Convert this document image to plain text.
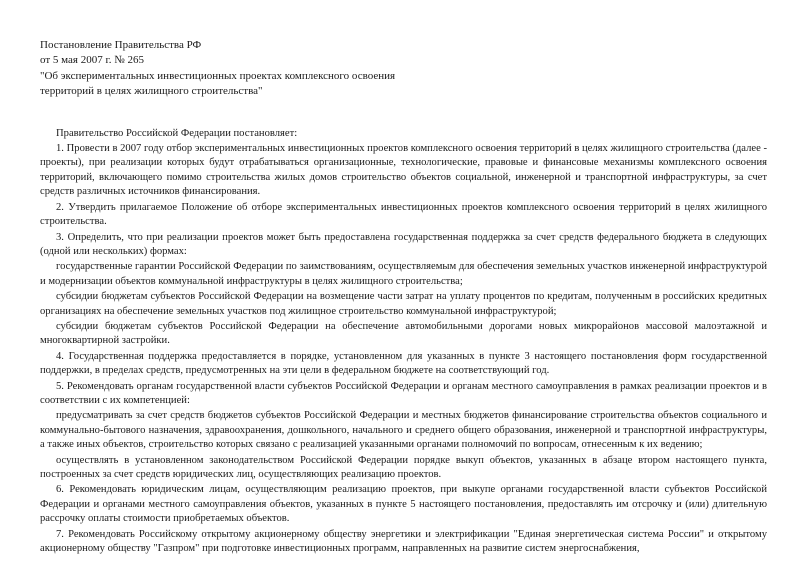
Постановление Правительства РФ
от 5 мая 2007 г. № 265
"Об экспериментальных инвестиционных проектах комплексного освоения
территорий в целях жилищного строительства"

Правительство Российской Федерации постановляет:

1. Провести в 2007 году отбор экспериментальных инвестиционных проектов комплексного освоения территорий в целях жилищного строительства (далее - проекты), при реализации которых будут отрабатываться организационные, технологические, правовые и финансовые механизмы комплексного освоения территорий, включающего помимо строительства жилых домов строительство объектов социальной, инженерной и транспортной инфраструктуры, за счет средств различных источников финансирования.

2. Утвердить прилагаемое Положение об отборе экспериментальных инвестиционных проектов комплексного освоения территорий в целях жилищного строительства.

3. Определить, что при реализации проектов может быть предоставлена государственная поддержка за счет средств федерального бюджета в следующих (одной или нескольких) формах:

государственные гарантии Российской Федерации по заимствованиям, осуществляемым для обеспечения земельных участков инженерной инфраструктурой и модернизации объектов коммунальной инфраструктуры в целях жилищного строительства;

субсидии бюджетам субъектов Российской Федерации на возмещение части затрат на уплату процентов по кредитам, полученным в российских кредитных организациях на обеспечение земельных участков под жилищное строительство коммунальной инфраструктурой;

субсидии бюджетам субъектов Российской Федерации на обеспечение автомобильными дорогами новых микрорайонов массовой малоэтажной и многоквартирной застройки.

4. Государственная поддержка предоставляется в порядке, установленном для указанных в пункте 3 настоящего постановления форм государственной поддержки, в пределах средств, предусмотренных на эти цели в федеральном бюджете на соответствующий год.

5. Рекомендовать органам государственной власти субъектов Российской Федерации и органам местного самоуправления в рамках реализации проектов и в соответствии с их компетенцией:

предусматривать за счет средств бюджетов субъектов Российской Федерации и местных бюджетов финансирование строительства объектов социального и коммунально-бытового назначения, здравоохранения, дошкольного, начального и среднего общего образования, инженерной и транспортной инфраструктуры, а также иных объектов, строительство которых связано с реализацией указанными органами полномочий по вопросам, отнесенным к их ведению;

осуществлять в установленном законодательством Российской Федерации порядке выкуп объектов, указанных в абзаце втором настоящего пункта, построенных за счет средств юридических лиц, осуществляющих реализацию проектов.

6. Рекомендовать юридическим лицам, осуществляющим реализацию проектов, при выкупе органами государственной власти субъектов Российской Федерации и органами местного самоуправления объектов, указанных в пункте 5 настоящего постановления, предоставлять им отсрочку и (или) длительную рассрочку оплаты стоимости приобретаемых объектов.

7. Рекомендовать Российскому открытому акционерному обществу энергетики и электрификации "Единая энергетическая система России" и открытому акционерному обществу "Газпром" при подготовке инвестиционных программ, направленных на развитие систем энергоснабжения,
